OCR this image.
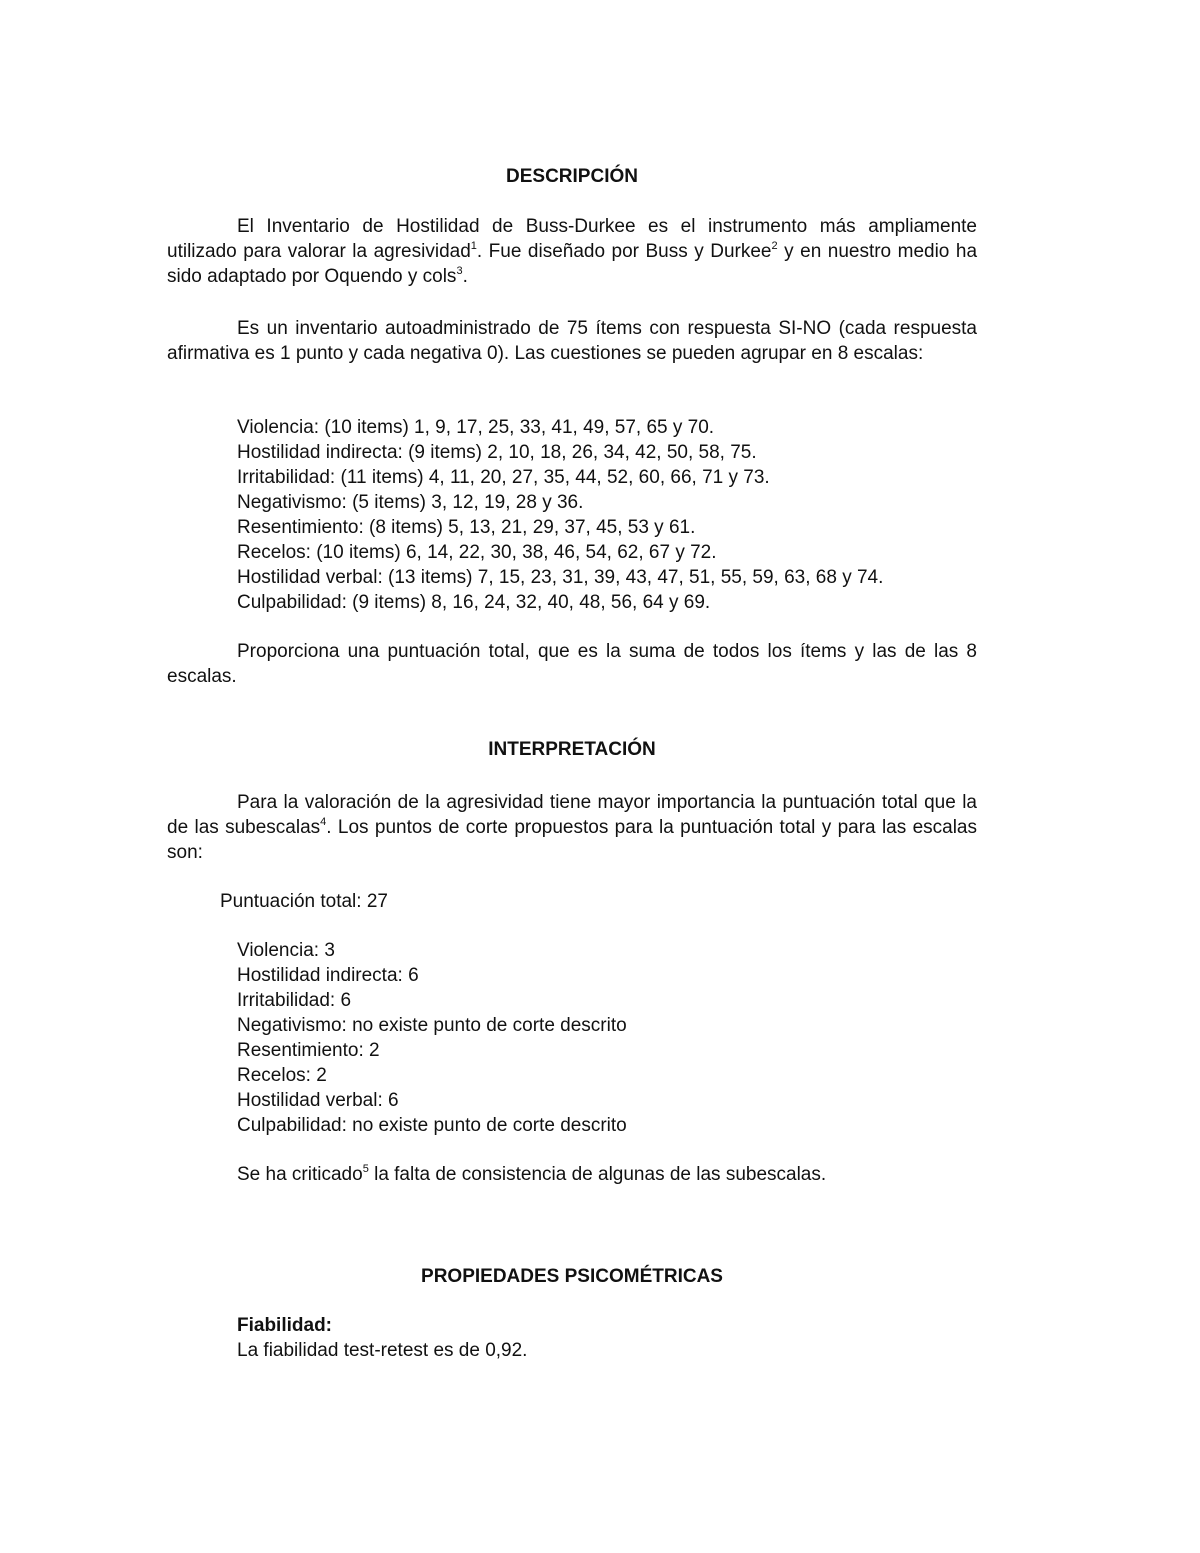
DESCRIPCIÓN
El Inventario de Hostilidad de Buss-Durkee es el instrumento más ampliamente utilizado para valorar la agresividad$^1$. Fue diseñado por Buss y Durkee$^2$ y en nuestro medio ha sido adaptado por Oquendo y cols$^3$.
Es un inventario autoadministrado de 75 ítems con respuesta SI-NO (cada respuesta afirmativa es 1 punto y cada negativa 0). Las cuestiones se pueden agrupar en 8 escalas:
Violencia: (10 items) 1, 9, 17, 25, 33, 41, 49, 57, 65 y 70.
Hostilidad indirecta: (9 items) 2, 10, 18, 26, 34, 42, 50, 58, 75.
Irritabilidad: (11 items) 4, 11, 20, 27, 35, 44, 52, 60, 66, 71 y 73.
Negativismo: (5 items) 3, 12, 19, 28 y 36.
Resentimiento: (8 items) 5, 13, 21, 29, 37, 45, 53 y 61.
Recelos: (10 items) 6, 14, 22, 30, 38, 46, 54, 62, 67 y 72.
Hostilidad verbal: (13 items) 7, 15, 23, 31, 39, 43, 47, 51, 55, 59, 63, 68 y 74.
Culpabilidad: (9 items) 8, 16, 24, 32, 40, 48, 56, 64 y 69.
Proporciona una puntuación total, que es la suma de todos los ítems y las de las 8 escalas.
INTERPRETACIÓN
Para la valoración de la agresividad tiene mayor importancia la puntuación total que la de las subescalas$^4$. Los puntos de corte propuestos para la puntuación total y para las escalas son:
Puntuación total: 27
Violencia: 3
Hostilidad indirecta: 6
Irritabilidad: 6
Negativismo: no existe punto de corte descrito
Resentimiento: 2
Recelos: 2
Hostilidad verbal: 6
Culpabilidad: no existe punto de corte descrito
Se ha criticado$^5$ la falta de consistencia de algunas de las subescalas.
PROPIEDADES PSICOMÉTRICAS
Fiabilidad:
La fiabilidad test-retest es de 0,92.
